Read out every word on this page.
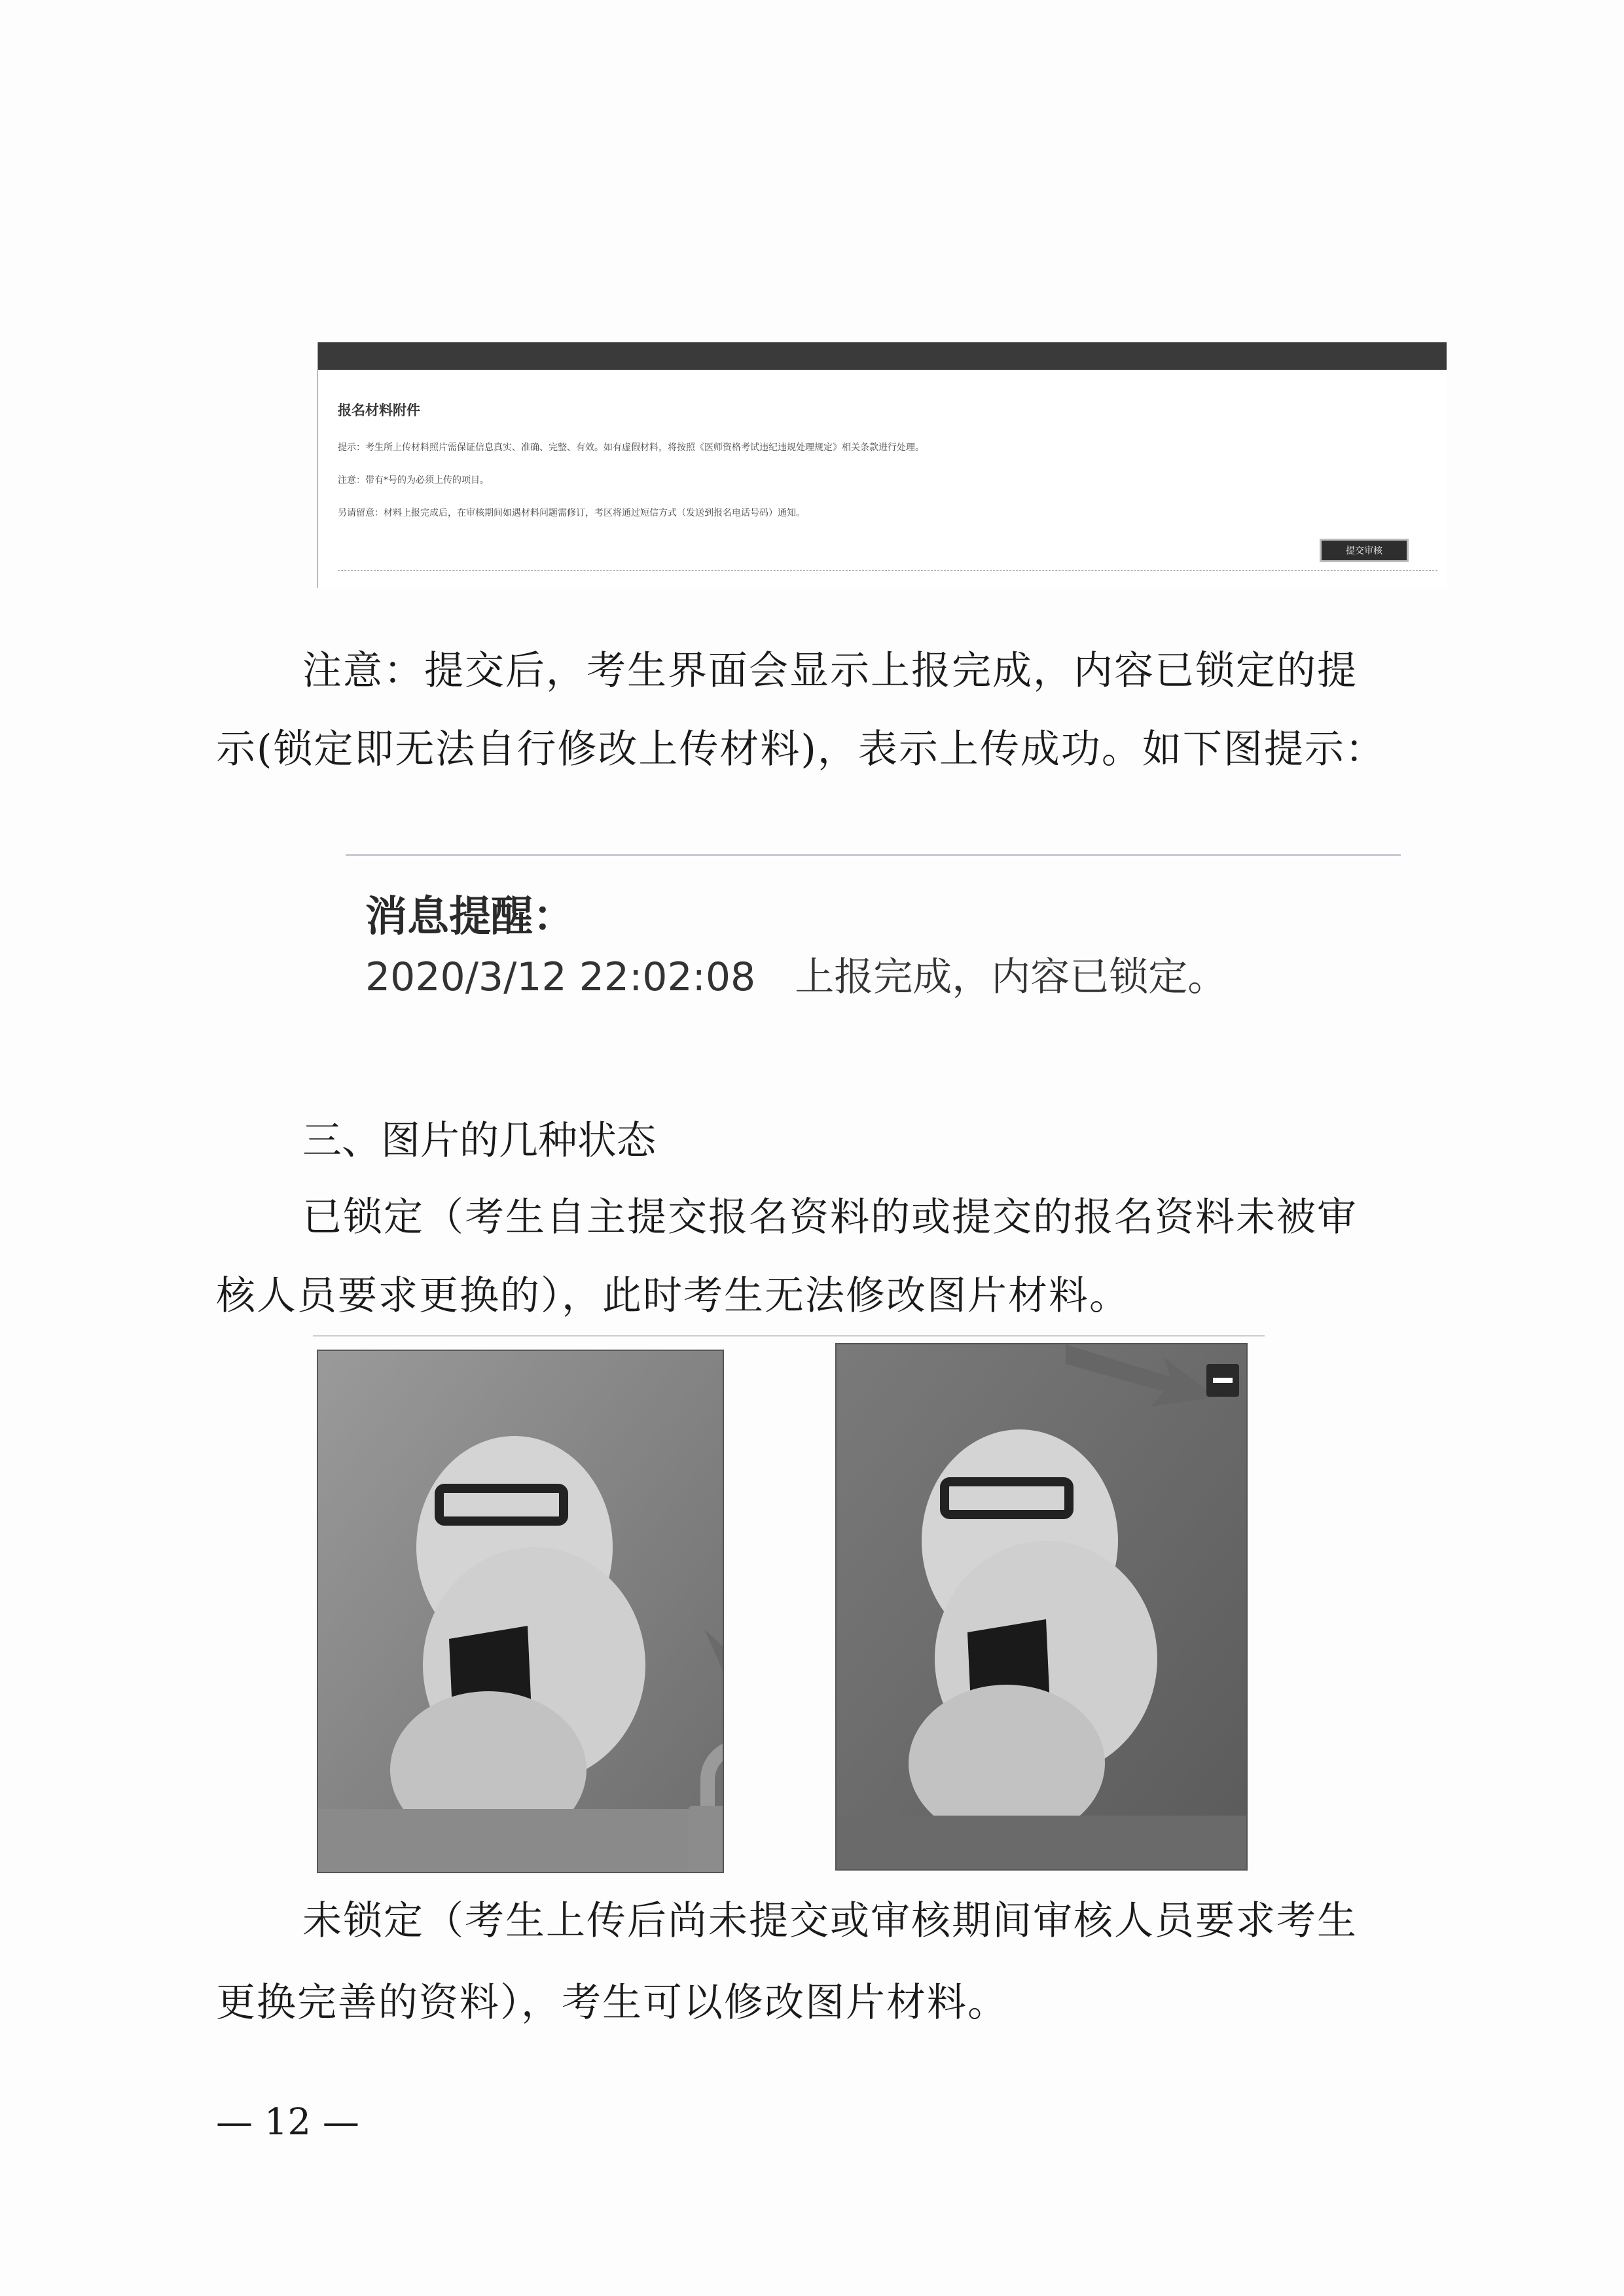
报名材料附件
提示：考生所上传材料照片需保证信息真实、准确、完整、有效。如有虚假材料，将按照《医师资格考试违纪违规处理规定》相关条款进行处理。
注意：带有*号的为必须上传的项目。
另请留意：材料上报完成后，在审核期间如遇材料问题需修订，考区将通过短信方式（发送到报名电话号码）通知。
提交审核
注意：提交后，考生界面会显示上报完成，内容已锁定的提
示(锁定即无法自行修改上传材料)，表示上传成功。如下图提示：
消息提醒：
2020/3/12 22:02:08 上报完成，内容已锁定。
三、图片的几种状态
已锁定（考生自主提交报名资料的或提交的报名资料未被审
核人员要求更换的），此时考生无法修改图片材料。
未锁定（考生上传后尚未提交或审核期间审核人员要求考生
更换完善的资料），考生可以修改图片材料。
— 12 —
